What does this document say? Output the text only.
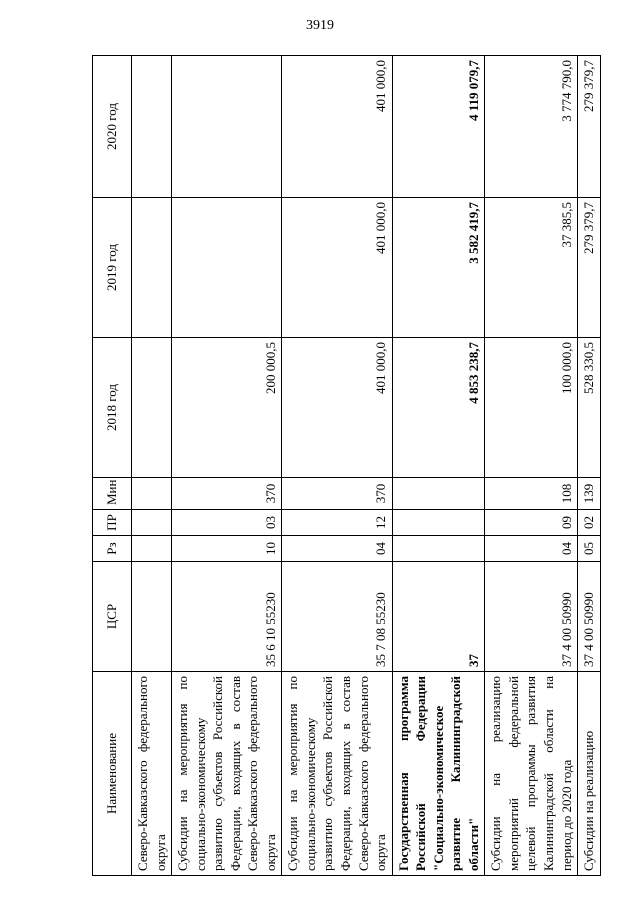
3919
Наименование	ЦСР	Рз	ПР	Мин	2018 год	2019 год	2020 год
Северо-Кавказского федерального округа							
Субсидии на мероприятия по социально-экономическому развитию субъектов Российской Федерации, входящих в состав Северо-Кавказского федерального округа	35 6 10 55230	10	03	370	200 000,5		
Субсидии на мероприятия по социально-экономическому развитию субъектов Российской Федерации, входящих в состав Северо-Кавказского федерального округа	35 7 08 55230	04	12	370	401 000,0	401 000,0	401 000,0
Государственная программа Российской Федерации "Социально-экономическое развитие Калининградской области"	37				4 853 238,7	3 582 419,7	4 119 079,7
Субсидии на реализацию мероприятий федеральной целевой программы развития Калининградской области на период до 2020 года	37 4 00 50990	04	09	108	100 000,0	37 385,5	3 774 790,0
Субсидии на реализацию	37 4 00 50990	05	02	139	528 330,5	279 379,7	279 379,7
